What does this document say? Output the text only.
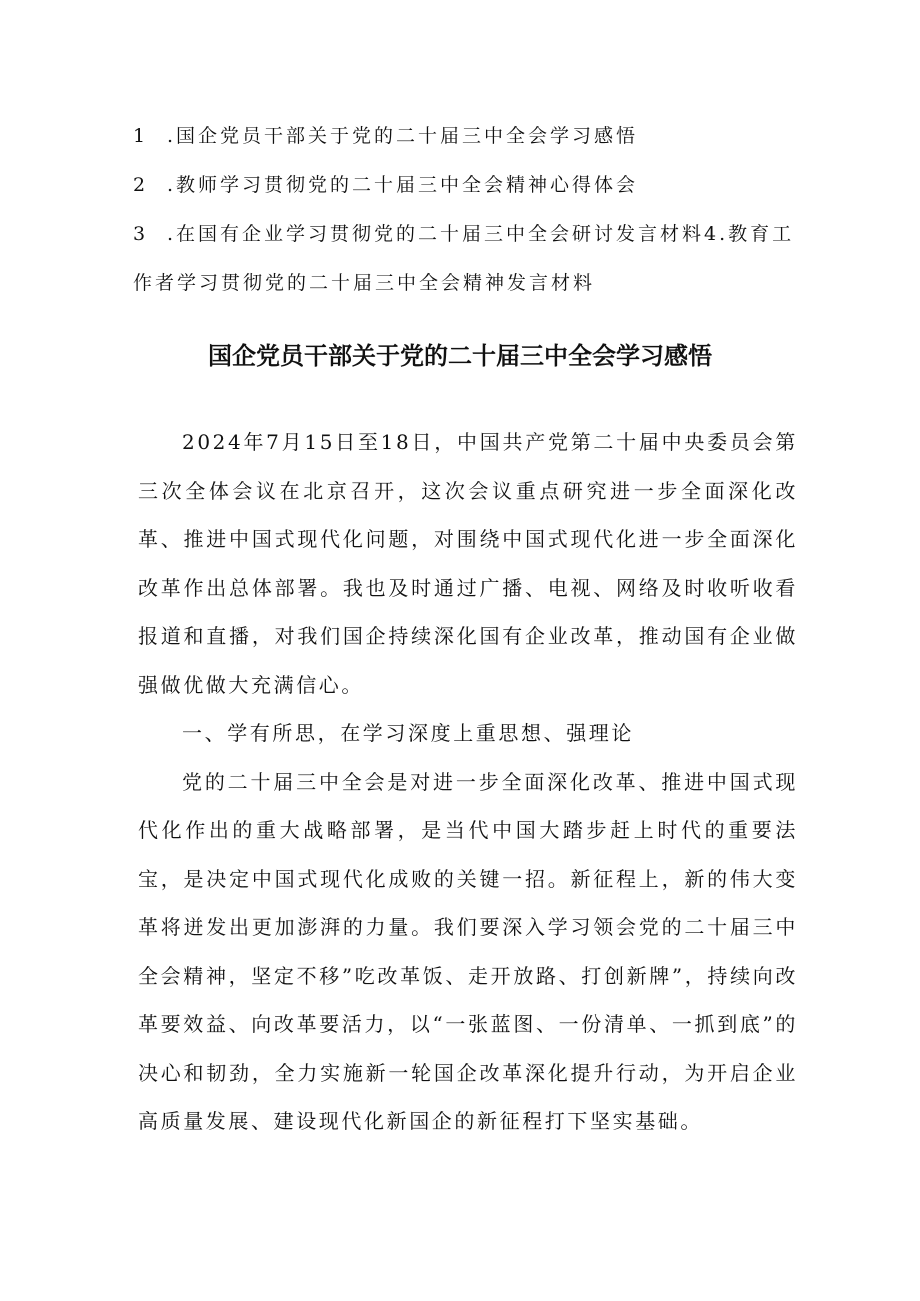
1 .国企党员干部关于党的二十届三中全会学习感悟

2 .教师学习贯彻党的二十届三中全会精神心得体会

3 .在国有企业学习贯彻党的二十届三中全会研讨发言材料4.教育工作者学习贯彻党的二十届三中全会精神发言材料

国企党员干部关于党的二十届三中全会学习感悟

2024年7月15日至18日，中国共产党第二十届中央委员会第三次全体会议在北京召开，这次会议重点研究进一步全面深化改革、推进中国式现代化问题，对围绕中国式现代化进一步全面深化改革作出总体部署。我也及时通过广播、电视、网络及时收听收看报道和直播，对我们国企持续深化国有企业改革，推动国有企业做强做优做大充满信心。

一、学有所思，在学习深度上重思想、强理论

党的二十届三中全会是对进一步全面深化改革、推进中国式现代化作出的重大战略部署，是当代中国大踏步赶上时代的重要法宝，是决定中国式现代化成败的关键一招。新征程上，新的伟大变革将迸发出更加澎湃的力量。我们要深入学习领会党的二十届三中全会精神，坚定不移”吃改革饭、走开放路、打创新牌”，持续向改革要效益、向改革要活力，以“一张蓝图、一份清单、一抓到底”的决心和韧劲，全力实施新一轮国企改革深化提升行动，为开启企业高质量发展、建设现代化新国企的新征程打下坚实基础。
